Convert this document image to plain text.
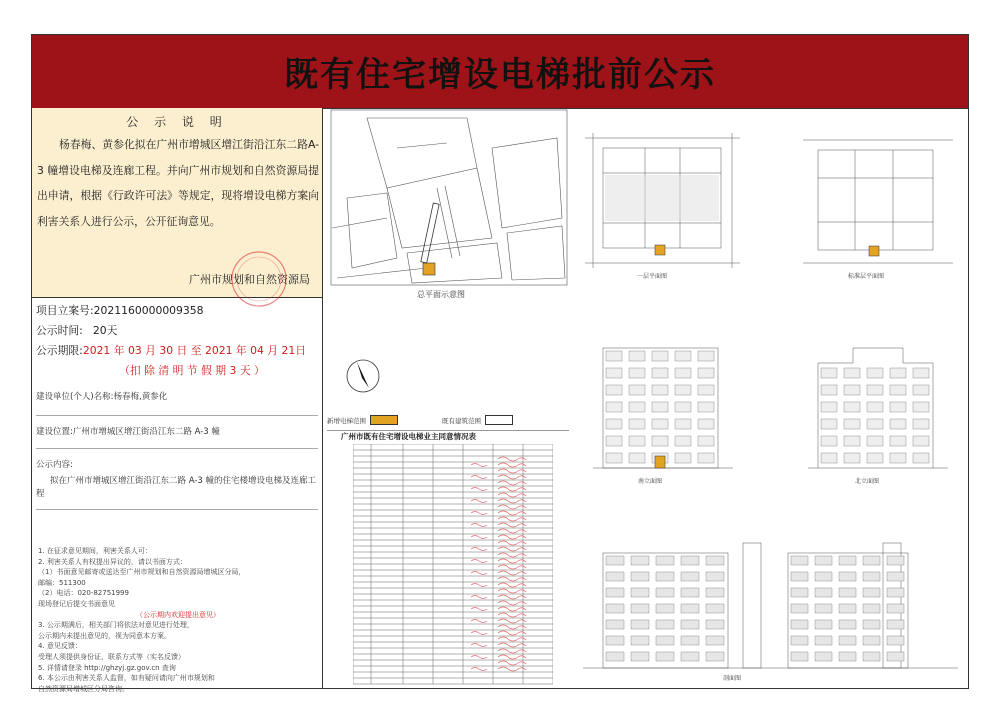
既有住宅增设电梯批前公示
公 示 说 明
杨春梅、黄参化拟在广州市增城区增江街沿江东二路A-3 幢增设电梯及连廊工程。并向广州市规划和自然资源局提出申请，根据《行政许可法》等规定，现将增设电梯方案向利害关系人进行公示，公开征询意见。
广州市规划和自然资源局
项目立案号:2021160000009358
公示时间: 20天
公示期限:2021 年 03 月 30 日 至 2021 年 04 月 21日
（扣 除 清 明 节 假 期 3 天 ）
建设单位(个人)名称:杨春梅,黄参化
建设位置:广州市增城区增江街沿江东二路 A-3 幢
公示内容:
拟在广州市增城区增江街沿江东二路 A-3 幢的住宅楼增设电梯及连廊工程
1. 在征求意见期间，利害关系人可：
2. 利害关系人有权提出异议的，请以书面方式：
（1）书面意见邮寄或送达至广州市规划和自然资源局增城区分局，
邮编：511300
（2）电话：020-82751999
现场登记后提交书面意见
（公示期内欢迎提出意见）
3. 公示期满后，相关部门将依法对意见进行处理，
公示期内未提出意见的，视为同意本方案。
4. 意见反馈：
受理人须提供身份证、联系方式等（实名反馈）
5. 详情请登录 http://ghzyj.gz.gov.cn 查询
6. 本公示由利害关系人监督，如有疑问请向广州市规划和
自然资源局增城区分局咨询。
总平面示意图
新增电梯范围	既有建筑范围
广州市既有住宅增设电梯业主同意情况表
一层平面图	标准层平面图
南立面图	北立面图
剖面图
